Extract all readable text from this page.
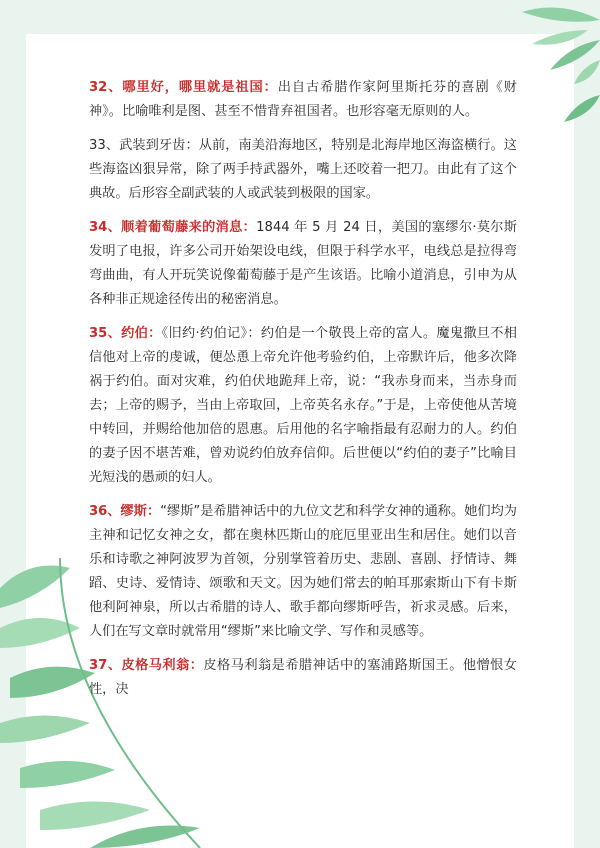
32、哪里好，哪里就是祖国：出自古希腊作家阿里斯托芬的喜剧《财神》。比喻唯利是图、甚至不惜背弃祖国者。也形容毫无原则的人。

33、武装到牙齿：从前，南美沿海地区，特别是北海岸地区海盗横行。这些海盗凶狠异常，除了两手持武器外，嘴上还咬着一把刀。由此有了这个典故。后形容全副武装的人或武装到极限的国家。

34、顺着葡萄藤来的消息：1844 年 5 月 24 日，美国的塞缪尔·莫尔斯发明了电报，许多公司开始架设电线，但限于科学水平，电线总是拉得弯弯曲曲，有人开玩笑说像葡萄藤于是产生该语。比喻小道消息，引申为从各种非正规途径传出的秘密消息。

35、约伯：《旧约·约伯记》：约伯是一个敬畏上帝的富人。魔鬼撒旦不相信他对上帝的虔诚，便怂恿上帝允许他考验约伯，上帝默许后，他多次降祸于约伯。面对灾难，约伯伏地跪拜上帝，说：“我赤身而来，当赤身而去；上帝的赐予，当由上帝取回，上帝英名永存。”于是，上帝使他从苦境中转回，并赐给他加倍的恩惠。后用他的名字喻指最有忍耐力的人。约伯的妻子因不堪苦难，曾劝说约伯放弃信仰。后世便以“约伯的妻子”比喻目光短浅的愚顽的妇人。

36、缪斯：“缪斯”是希腊神话中的九位文艺和科学女神的通称。她们均为主神和记忆女神之女，都在奥林匹斯山的庇厄里亚出生和居住。她们以音乐和诗歌之神阿波罗为首领，分别掌管着历史、悲剧、喜剧、抒情诗、舞蹈、史诗、爱情诗、颂歌和天文。因为她们常去的帕耳那索斯山下有卡斯他利阿神泉，所以古希腊的诗人、歌手都向缪斯呼告，祈求灵感。后来，人们在写文章时就常用“缪斯”来比喻文学、写作和灵感等。

37、皮格马利翁：皮格马利翁是希腊神话中的塞浦路斯国王。他憎恨女性，决

@头条 于书虫的情报
